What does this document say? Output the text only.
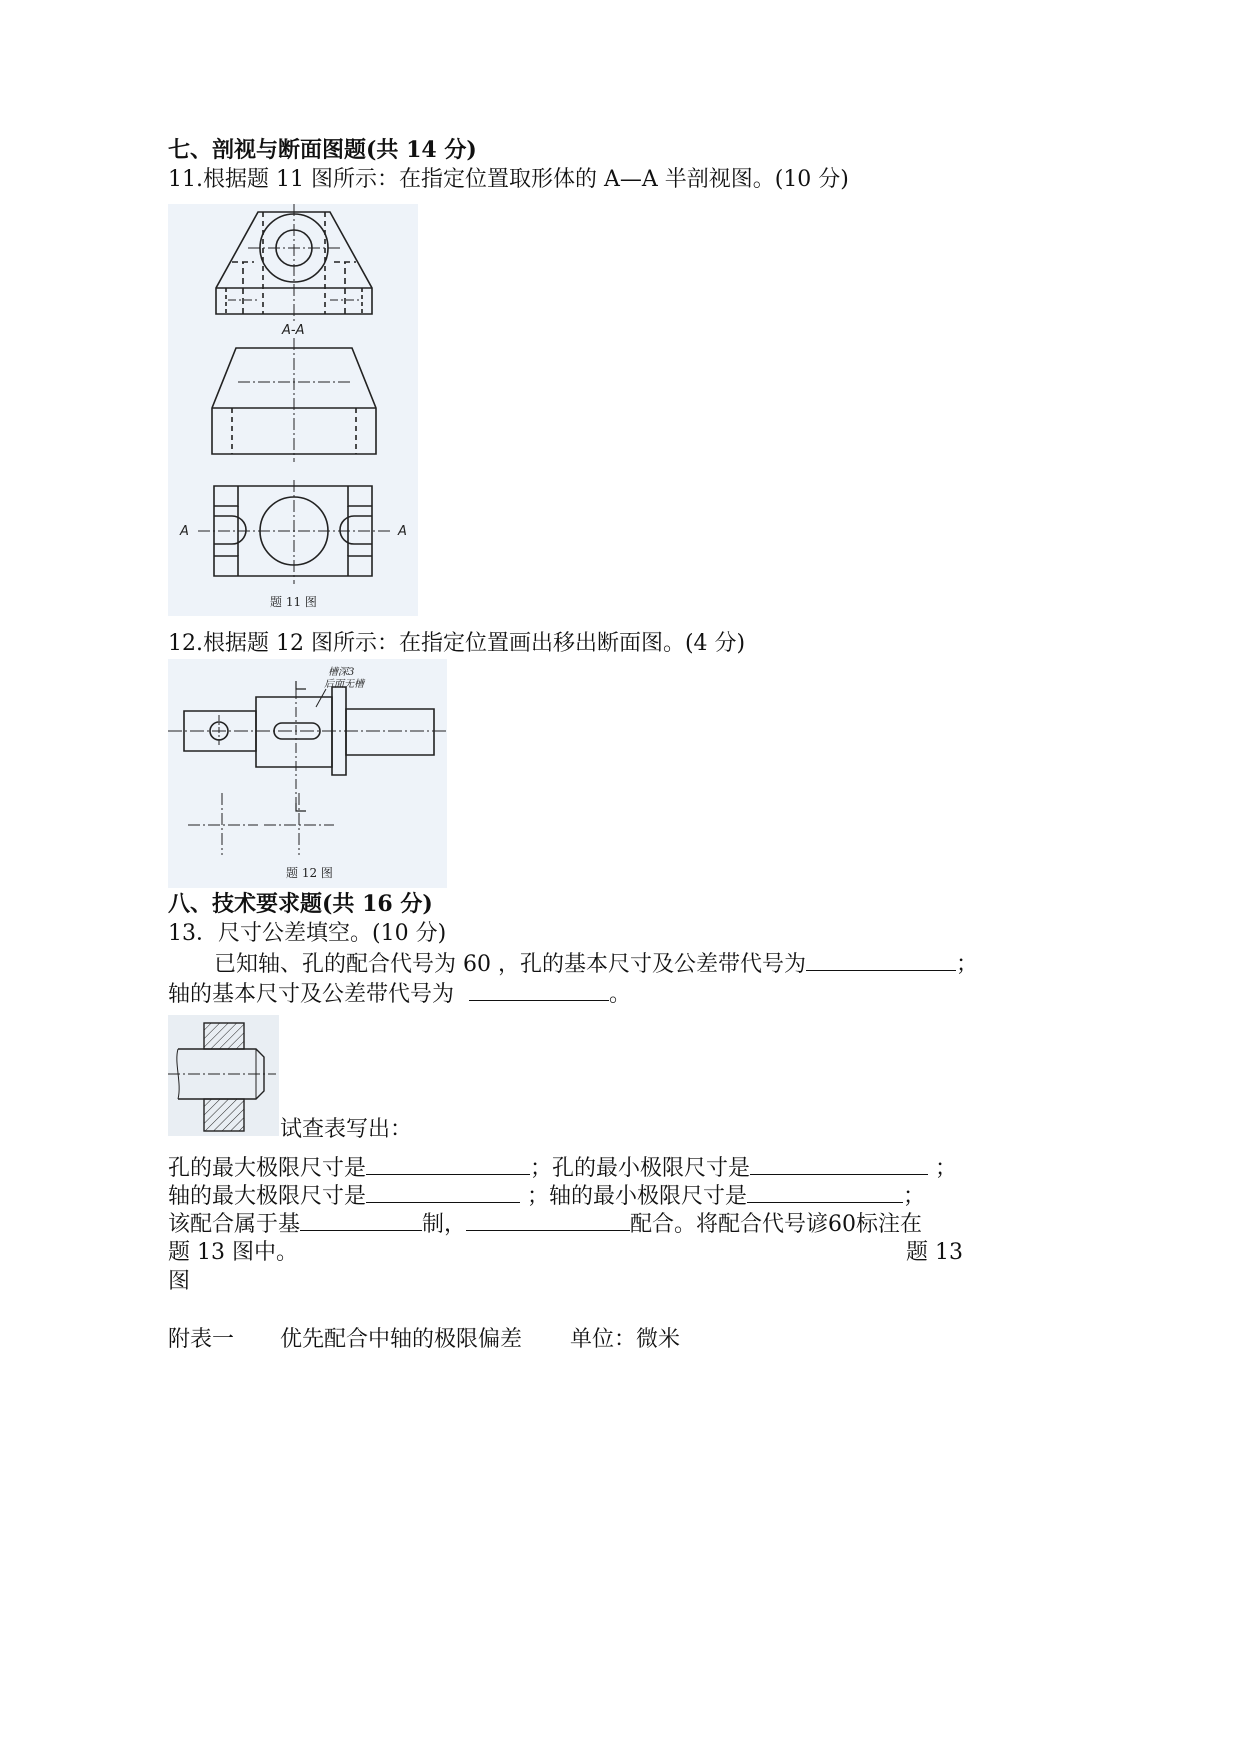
七、剖视与断面图题(共 14 分)
11.根据题 11 图所示：在指定位置取形体的 A—A 半剖视图。(10 分)
A-A
A	A
题 11 图
12.根据题 12 图所示：在指定位置画出移出断面图。(4 分)
槽深3
后面无槽
题 12 图
八、技术要求题(共 16 分)
13．尺寸公差填空。(10 分)
已知轴、孔的配合代号为 60 ，孔的基本尺寸及公差带代号为	；
轴的基本尺寸及公差带代号为	。
试查表写出：
孔的最大极限尺寸是	；孔的最小极限尺寸是	；
轴的最大极限尺寸是	；轴的最小极限尺寸是	；
该配合属于基	制，	配合。将配合代号谚60标注在
题 13 图中。	题 13
图
附表一 优先配合中轴的极限偏差 单位：微米
